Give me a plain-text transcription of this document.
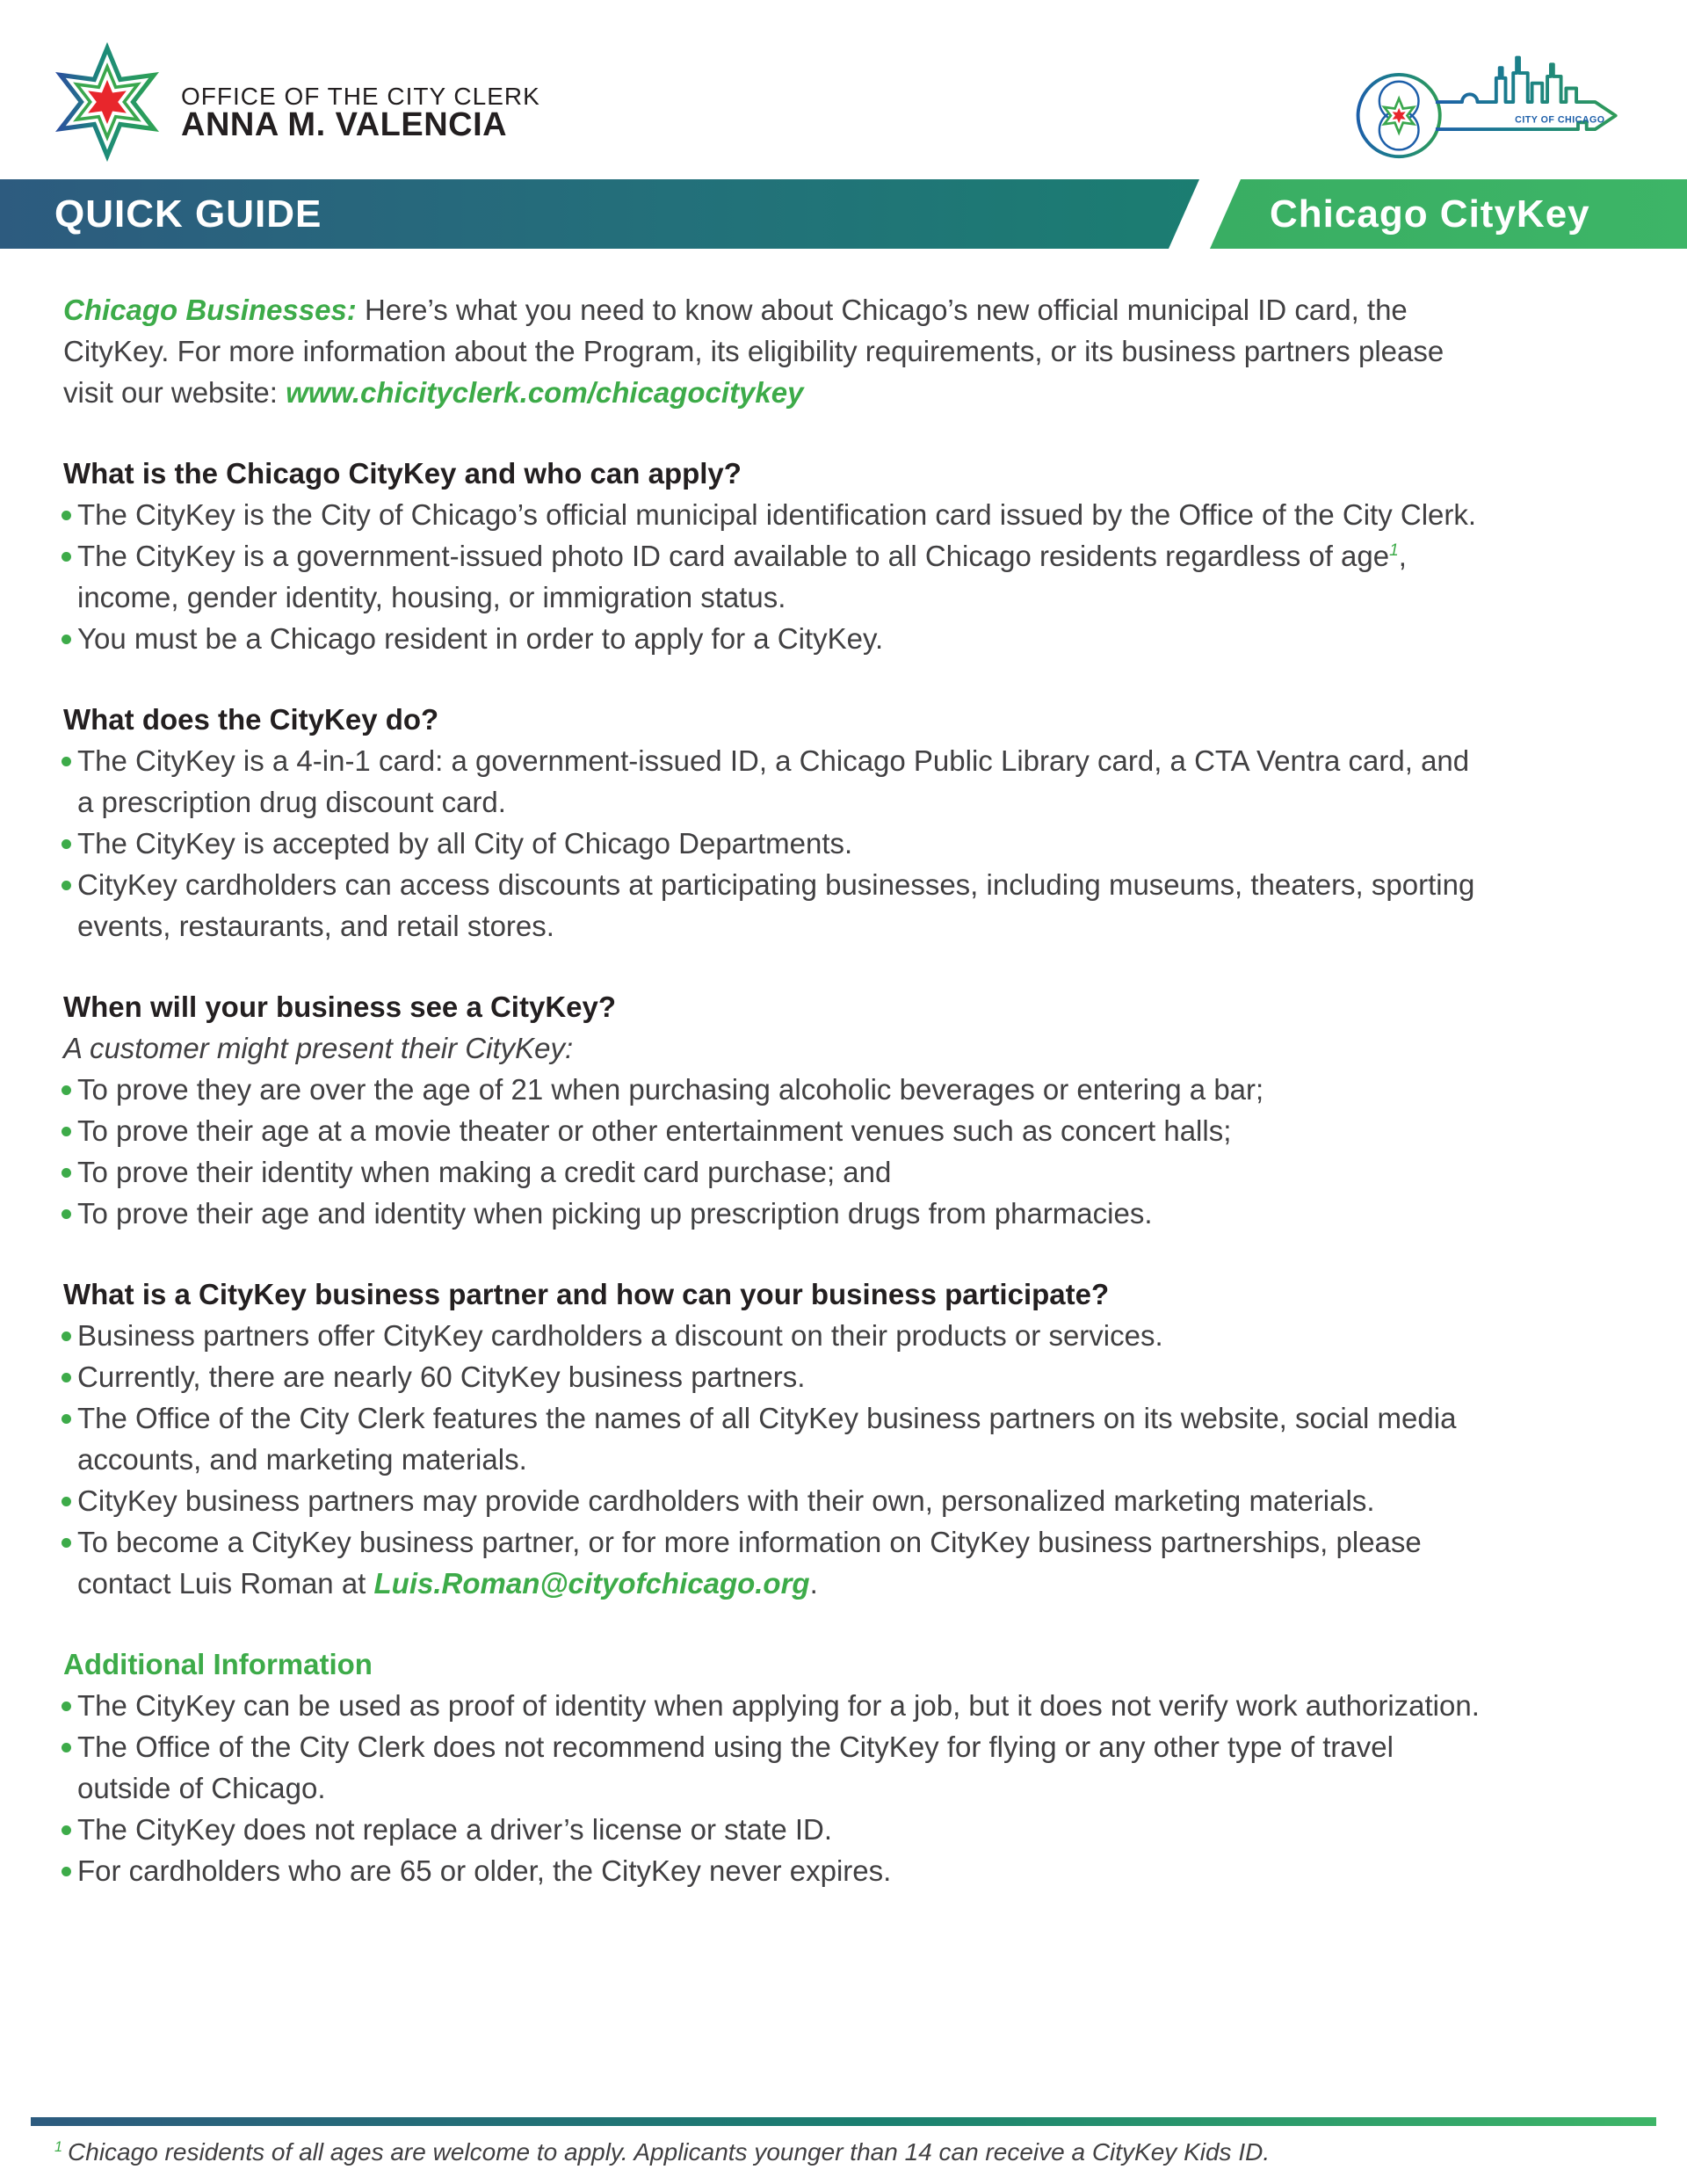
OFFICE OF THE CITY CLERK
ANNA M. VALENCIA	CITY OF CHICAGO
QUICK GUIDE	Chicago CityKey

Chicago Businesses: Here’s what you need to know about Chicago’s new official municipal ID card, the CityKey. For more information about the Program, its eligibility requirements, or its business partners please visit our website: www.chicityclerk.com/chicagocitykey

What is the Chicago CityKey and who can apply?
The CityKey is the City of Chicago’s official municipal identification card issued by the Office of the City Clerk.
The CityKey is a government-issued photo ID card available to all Chicago residents regardless of age$^1$, income, gender identity, housing, or immigration status.
You must be a Chicago resident in order to apply for a CityKey.
What does the CityKey do?
The CityKey is a 4-in-1 card: a government-issued ID, a Chicago Public Library card, a CTA Ventra card, and a prescription drug discount card.
The CityKey is accepted by all City of Chicago Departments.
CityKey cardholders can access discounts at participating businesses, including museums, theaters, sporting events, restaurants, and retail stores.
When will your business see a CityKey?

A customer might present their CityKey:

To prove they are over the age of 21 when purchasing alcoholic beverages or entering a bar;
To prove their age at a movie theater or other entertainment venues such as concert halls;
To prove their identity when making a credit card purchase; and
To prove their age and identity when picking up prescription drugs from pharmacies.
What is a CityKey business partner and how can your business participate?
Business partners offer CityKey cardholders a discount on their products or services.
Currently, there are nearly 60 CityKey business partners.
The Office of the City Clerk features the names of all CityKey business partners on its website, social media accounts, and marketing materials.
CityKey business partners may provide cardholders with their own, personalized marketing materials.
To become a CityKey business partner, or for more information on CityKey business partnerships, please contact Luis Roman at Luis.Roman@cityofchicago.org.
Additional Information
The CityKey can be used as proof of identity when applying for a job, but it does not verify work authorization.
The Office of the City Clerk does not recommend using the CityKey for flying or any other type of travel outside of Chicago.
The CityKey does not replace a driver’s license or state ID.
For cardholders who are 65 or older, the CityKey never expires.

$^1$ Chicago residents of all ages are welcome to apply. Applicants younger than 14 can receive a CityKey Kids ID.
